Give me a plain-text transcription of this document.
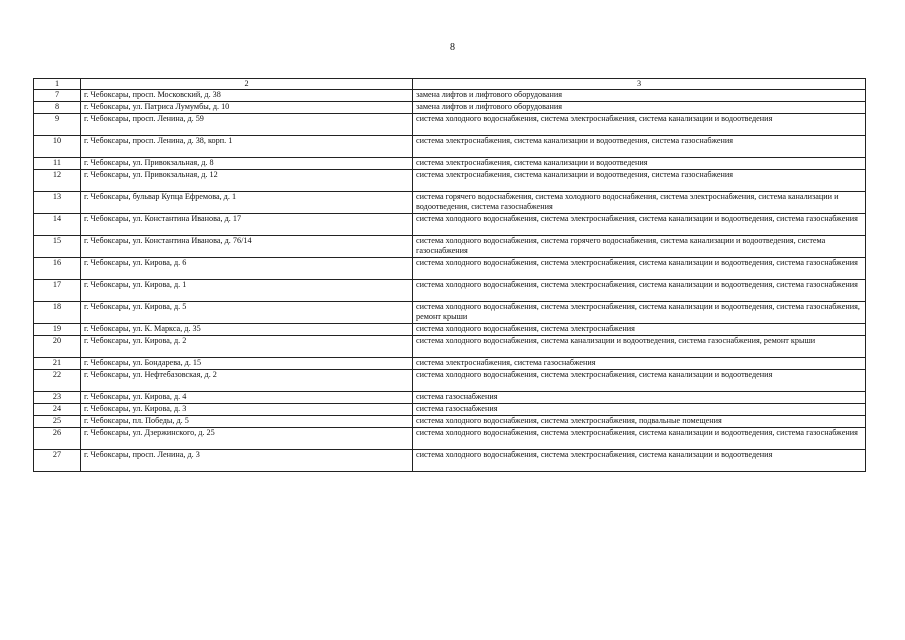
8
1	2	3
7	г. Чебоксары, просп. Московский, д. 38	замена лифтов и лифтового оборудования
8	г. Чебоксары, ул. Патриса Лумумбы, д. 10	замена лифтов и лифтового оборудования
9	г. Чебоксары, просп. Ленина, д. 59	система холодного водоснабжения, система электроснабжения, система канализации и водоотведения
10	г. Чебоксары, просп. Ленина, д. 38, корп. 1	система электроснабжения, система канализации и водоотведения, система газоснабжения
11	г. Чебоксары, ул. Привокзальная, д. 8	система электроснабжения, система канализации и водоотведения
12	г. Чебоксары, ул. Привокзальная, д. 12	система электроснабжения, система канализации и водоотведения, система газоснабжения
13	г. Чебоксары, бульвар Купца Ефремова, д. 1	система горячего водоснабжения, система холодного водоснабжения, система электроснабжения, система канализации и водоотведения, система газоснабжения
14	г. Чебоксары, ул. Константина Иванова, д. 17	система холодного водоснабжения, система электроснабжения, система канализации и водоотведения, система газоснабжения
15	г. Чебоксары, ул. Константина Иванова, д. 76/14	система холодного водоснабжения, система горячего водоснабжения, система канализации и водоотведения, система газоснабжения
16	г. Чебоксары, ул. Кирова, д. 6	система холодного водоснабжения, система электроснабжения, система канализации и водоотведения, система газоснабжения
17	г. Чебоксары, ул. Кирова, д. 1	система холодного водоснабжения, система электроснабжения, система канализации и водоотведения, система газоснабжения
18	г. Чебоксары, ул. Кирова, д. 5	система холодного водоснабжения, система электроснабжения, система канализации и водоотведения, система газоснабжения, ремонт крыши
19	г. Чебоксары, ул. К. Маркса, д. 35	система холодного водоснабжения, система электроснабжения
20	г. Чебоксары, ул. Кирова, д. 2	система холодного водоснабжения, система канализации и водоотведения, система газоснабжения, ремонт крыши
21	г. Чебоксары, ул. Бондарева, д. 15	система электроснабжения, система газоснабжения
22	г. Чебоксары, ул. Нефтебазовская, д. 2	система холодного водоснабжения, система электроснабжения, система канализации и водоотведения
23	г. Чебоксары, ул. Кирова, д. 4	система газоснабжения
24	г. Чебоксары, ул. Кирова, д. 3	система газоснабжения
25	г. Чебоксары, пл. Победы, д. 5	система холодного водоснабжения, система электроснабжения, подвальные помещения
26	г. Чебоксары, ул. Дзержинского, д. 25	система холодного водоснабжения, система электроснабжения, система канализации и водоотведения, система газоснабжения
27	г. Чебоксары, просп. Ленина, д. 3	система холодного водоснабжения, система электроснабжения, система канализации и водоотведения
